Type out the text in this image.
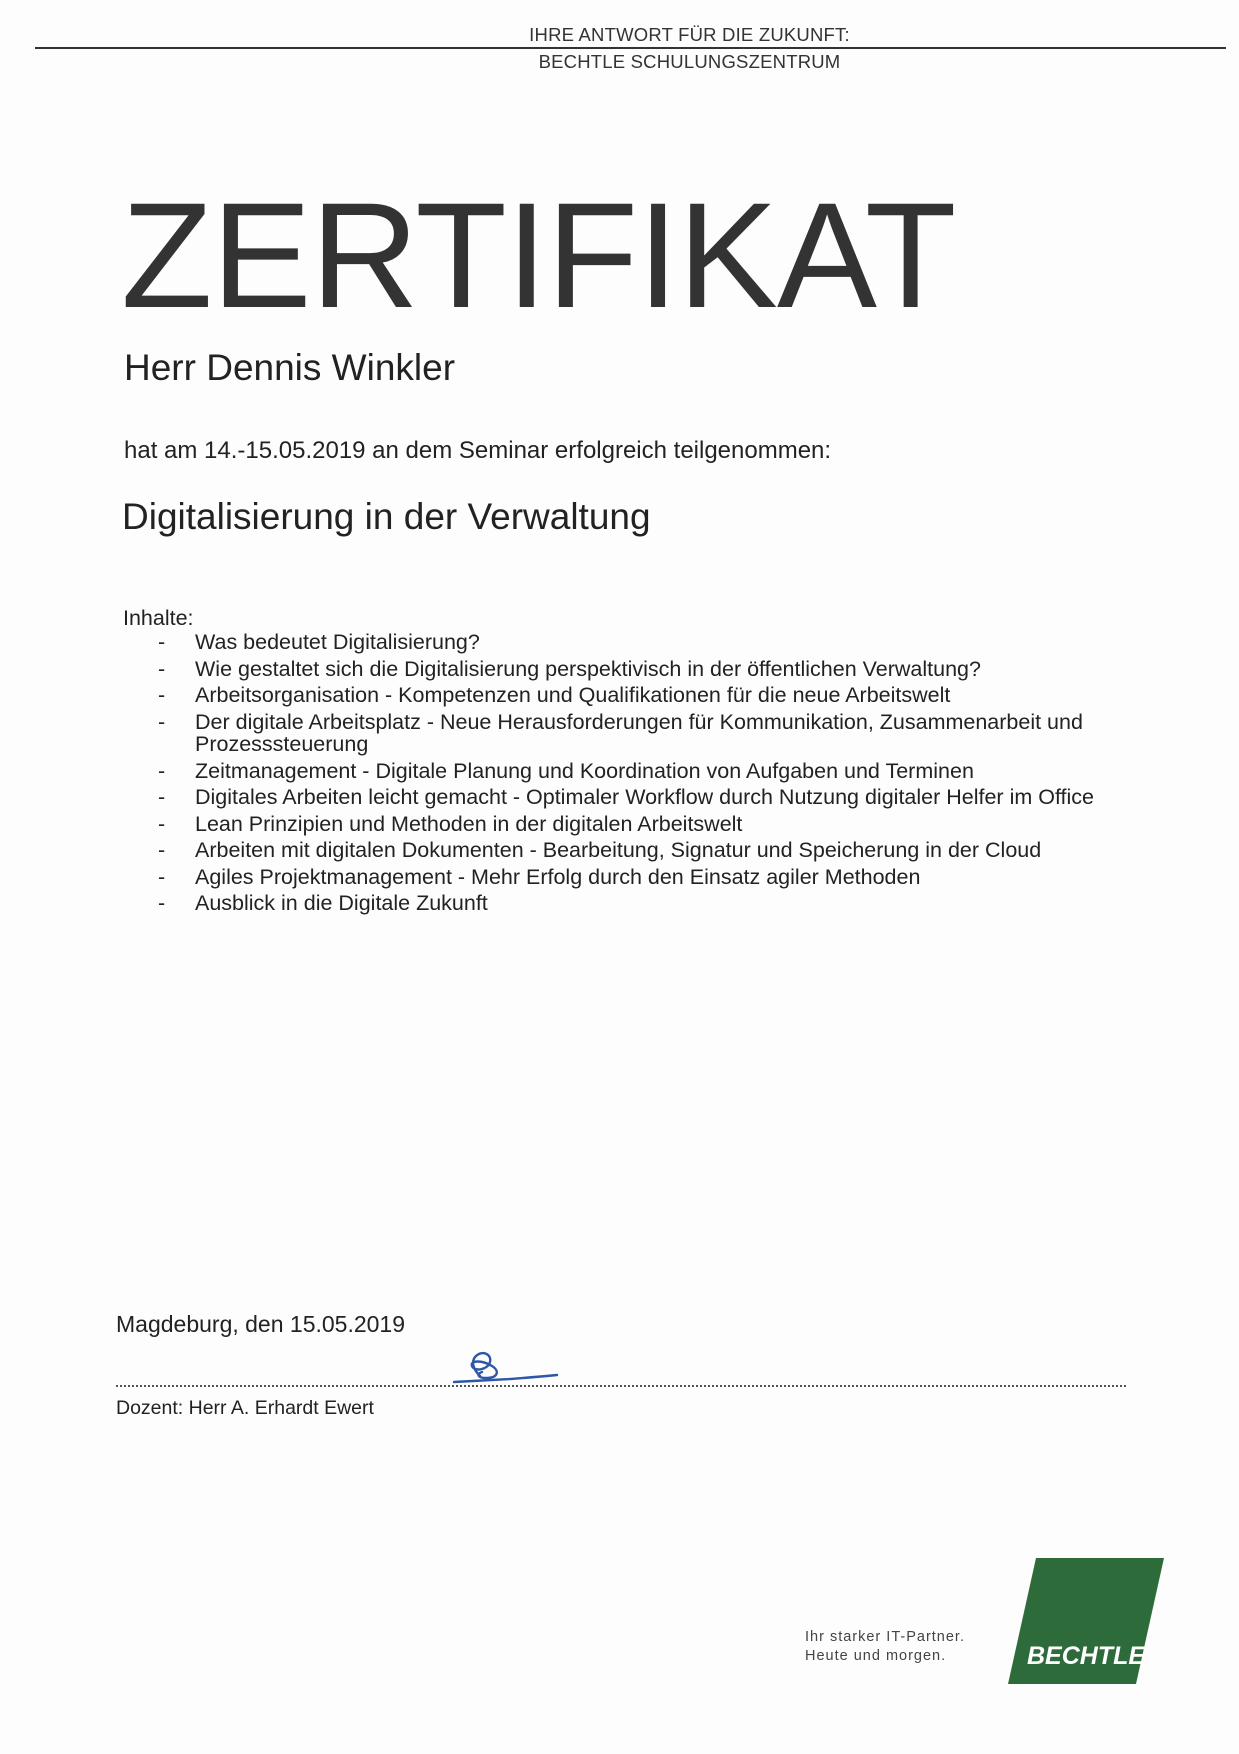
IHRE ANTWORT FÜR DIE ZUKUNFT:
BECHTLE SCHULUNGSZENTRUM
ZERTIFIKAT
Herr Dennis Winkler
hat am 14.-15.05.2019 an dem Seminar erfolgreich teilgenommen:
Digitalisierung in der Verwaltung
Inhalte:
- Was bedeutet Digitalisierung?
- Wie gestaltet sich die Digitalisierung perspektivisch in der öffentlichen Verwaltung?
- Arbeitsorganisation - Kompetenzen und Qualifikationen für die neue Arbeitswelt
- Der digitale Arbeitsplatz - Neue Herausforderungen für Kommunikation, Zusammenarbeit und Prozesssteuerung
- Zeitmanagement - Digitale Planung und Koordination von Aufgaben und Terminen
- Digitales Arbeiten leicht gemacht - Optimaler Workflow durch Nutzung digitaler Helfer im Office
- Lean Prinzipien und Methoden in der digitalen Arbeitswelt
- Arbeiten mit digitalen Dokumenten - Bearbeitung, Signatur und Speicherung in der Cloud
- Agiles Projektmanagement - Mehr Erfolg durch den Einsatz agiler Methoden
- Ausblick in die Digitale Zukunft
Magdeburg, den 15.05.2019
Dozent: Herr A. Erhardt Ewert
Ihr starker IT-Partner.
Heute und morgen.	BECHTLE
